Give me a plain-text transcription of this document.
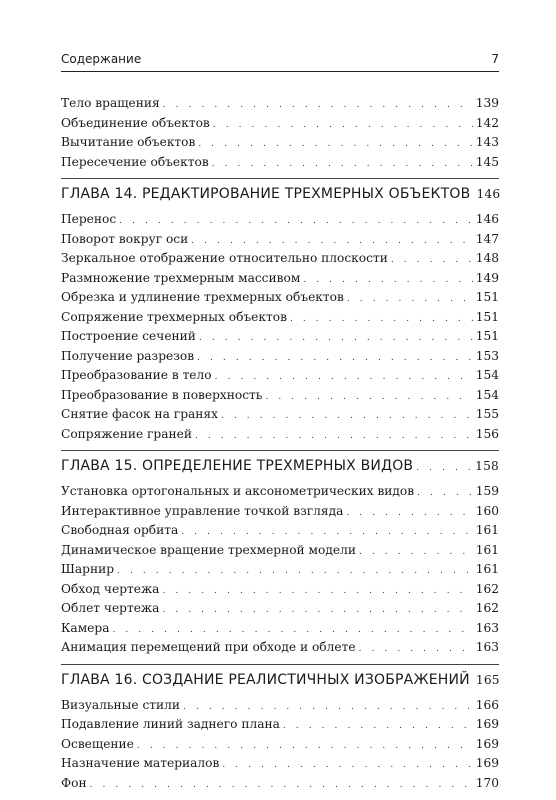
Содержание	7
Тело вращения . . .	139
Объединение объектов . . .	142
Вычитание объектов . . .	143
Пересечение объектов . . .	145
ГЛАВА 14. РЕДАКТИРОВАНИЕ ТРЕХМЕРНЫХ ОБЪЕКТОВ 146
Перенос . . .	146
Поворот вокруг оси . . .	147
Зеркальное отображение относительно плоскости . . .	148
Размножение трехмерным массивом . . .	149
Обрезка и удлинение трехмерных объектов . . .	151
Сопряжение трехмерных объектов . . .	151
Построение сечений . . .	151
Получение разрезов . . .	153
Преобразование в тело . . .	154
Преобразование в поверхность . . .	154
Снятие фасок на гранях . . .	155
Сопряжение граней . . .	156
ГЛАВА 15. ОПРЕДЕЛЕНИЕ ТРЕХМЕРНЫХ ВИДОВ . . .	158
Установка ортогональных и аксонометрических видов . . .	159
Интерактивное управление точкой взгляда . . .	160
Свободная орбита . . .	161
Динамическое вращение трехмерной модели . . .	161
Шарнир . . .	161
Обход чертежа . . .	162
Облет чертежа . . .	162
Камера . . .	163
Анимация перемещений при обходе и облете . . .	163
ГЛАВА 16. СОЗДАНИЕ РЕАЛИСТИЧНЫХ ИЗОБРАЖЕНИЙ 165
Визуальные стили . . .	166
Подавление линий заднего плана . . .	169
Освещение . . .	169
Назначение материалов . . .	169
Фон . . .	170
